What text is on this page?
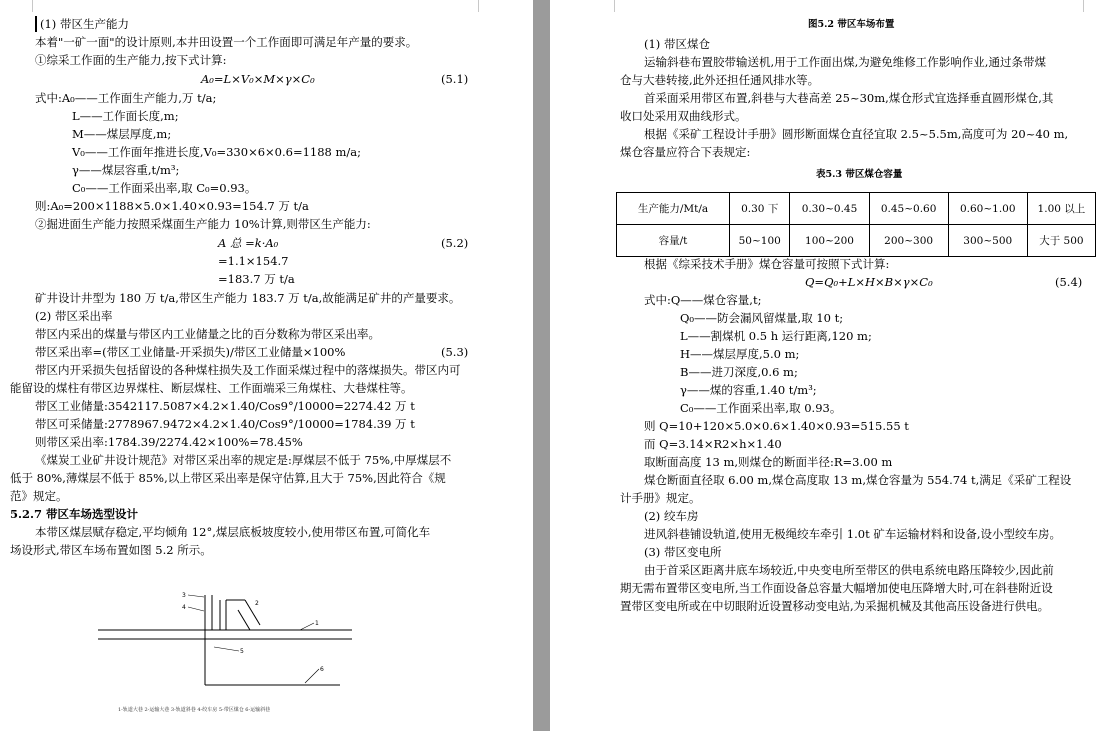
(1) 带区生产能力
本着"一矿一面"的设计原则,本井田设置一个工作面即可满足年产量的要求。
①综采工作面的生产能力,按下式计算:
A₀=L×V₀×M×γ×C₀	(5.1)
式中:A₀——工作面生产能力,万 t/a;
L——工作面长度,m;
M——煤层厚度,m;
V₀——工作面年推进长度,V₀=330×6×0.6=1188 m/a;
γ——煤层容重,t/m³;
C₀——工作面采出率,取 C₀=0.93。
则:A₀=200×1188×5.0×1.40×0.93=154.7 万 t/a
②掘进面生产能力按照采煤面生产能力 10%计算,则带区生产能力:
A 总 =k·A₀	(5.2)
=1.1×154.7
=183.7 万 t/a
矿井设计井型为 180 万 t/a,带区生产能力 183.7 万 t/a,故能满足矿井的产量要求。
(2) 带区采出率
带区内采出的煤量与带区内工业储量之比的百分数称为带区采出率。
带区采出率=(带区工业储量-开采损失)/带区工业储量×100%	(5.3)
带区内开采损失包括留设的各种煤柱损失及工作面采煤过程中的落煤损失。带区内可
能留设的煤柱有带区边界煤柱、断层煤柱、工作面端采三角煤柱、大巷煤柱等。
带区工业储量:3542117.5087×4.2×1.40/Cos9°/10000=2274.42 万 t
带区可采储量:2778967.9472×4.2×1.40/Cos9°/10000=1784.39 万 t
则带区采出率:1784.39/2274.42×100%=78.45%
《煤炭工业矿井设计规范》对带区采出率的规定是:厚煤层不低于 75%,中厚煤层不
低于 80%,薄煤层不低于 85%,以上带区采出率是保守估算,且大于 75%,因此符合《规
范》规定。
5.2.7 带区车场选型设计
本带区煤层赋存稳定,平均倾角 12°,煤层底板坡度较小,使用带区布置,可简化车
场设形式,带区车场布置如图 5.2 所示。
3
4
5
1
6
2
1-轨道大巷 2-运输大巷 3-轨道斜巷 4-绞车房 5-带区煤仓 6-运输斜巷
图5.2 带区车场布置
(1) 带区煤仓
运输斜巷布置胶带输送机,用于工作面出煤,为避免维修工作影响作业,通过条带煤
仓与大巷转接,此外还担任通风排水等。
首采面采用带区布置,斜巷与大巷高差 25~30m,煤仓形式宜选择垂直圆形煤仓,其
收口处采用双曲线形式。
根据《采矿工程设计手册》圆形断面煤仓直径宜取 2.5~5.5m,高度可为 20~40 m,
煤仓容量应符合下表规定:
表5.3 带区煤仓容量
生产能力/Mt/a	0.30 下	0.30~0.45	0.45~0.60	0.60~1.00	1.00 以上
容量/t	50~100	100~200	200~300	300~500	大于 500
根据《综采技术手册》煤仓容量可按照下式计算:
Q=Q₀+L×H×B×γ×C₀	(5.4)
式中:Q——煤仓容量,t;
Q₀——防会漏风留煤量,取 10 t;
L——割煤机 0.5 h 运行距离,120 m;
H——煤层厚度,5.0 m;
B——进刀深度,0.6 m;
γ——煤的容重,1.40 t/m³;
C₀——工作面采出率,取 0.93。
则 Q=10+120×5.0×0.6×1.40×0.93=515.55 t
而 Q=3.14×R2×h×1.40
取断面高度 13 m,则煤仓的断面半径:R=3.00 m
煤仓断面直径取 6.00 m,煤仓高度取 13 m,煤仓容量为 554.74 t,满足《采矿工程设
计手册》规定。
(2) 绞车房
进风斜巷铺设轨道,使用无极绳绞车牵引 1.0t 矿车运输材料和设备,设小型绞车房。
(3) 带区变电所
由于首采区距离井底车场较近,中央变电所至带区的供电系统电路压降较少,因此前
期无需布置带区变电所,当工作面设备总容量大幅增加使电压降增大时,可在斜巷附近设
置带区变电所或在中切眼附近设置移动变电站,为采掘机械及其他高压设备进行供电。
